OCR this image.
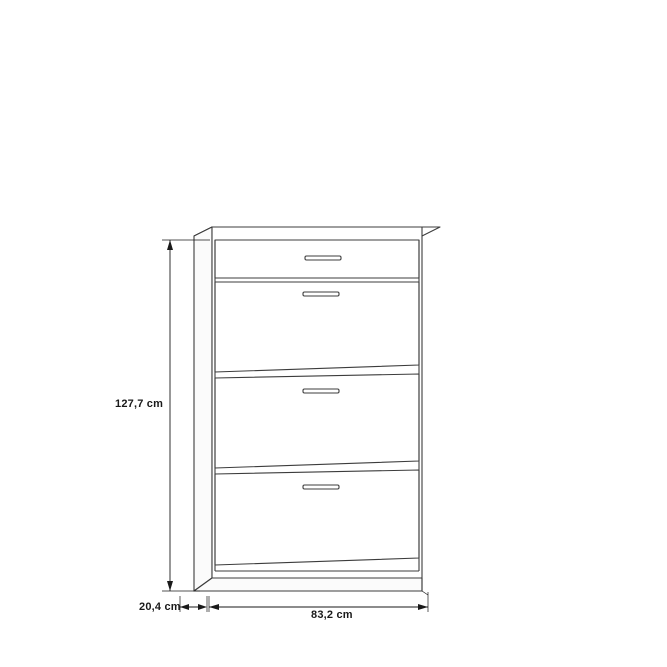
127,7 cm
20,4 cm
83,2 cm
